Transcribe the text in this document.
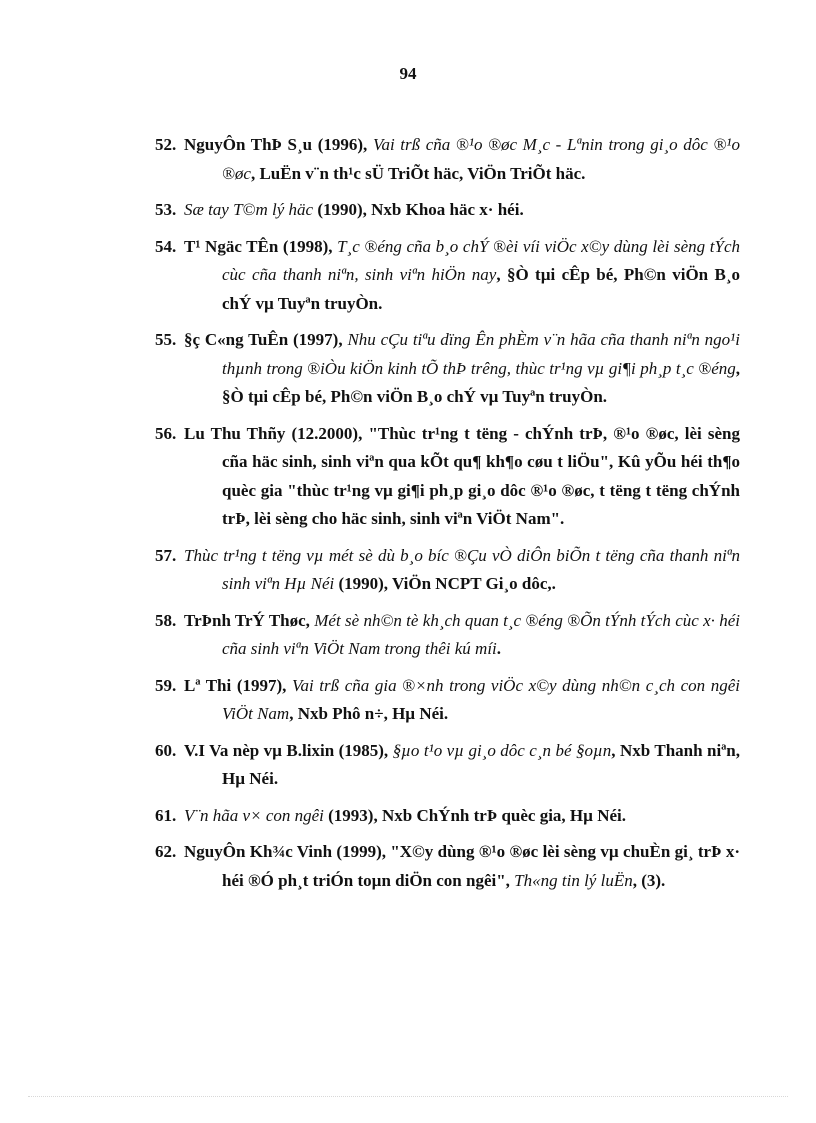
94
52. NguyÔn ThÞ S¸u (1996), Vai trß cña ®¹o ®øc M¸c - Lªnin trong gi¸o dôc ®¹o ®øc, LuËn v¨n th¹c sÜ TriÕt häc, ViÖn TriÕt häc.
53. Sæ tay T©m lý häc (1990), Nxb Khoa häc x· héi.
54. T¹ Ngäc TÊn (1998), T¸c ®éng cña b¸o chÝ ®èi víi viÖc x©y dùng lèi sèng tÝch cùc cña thanh niªn, sinh viªn hiÖn nay, §Ò tµi cÊp bé, Ph©n viÖn B¸o chÝ vµ Tuyªn truyÒn.
55. §ç C«ng TuÊn (1997), Nhu cÇu tiªu dïng Ên phÈm v¨n hãa cña thanh niªn ngo¹i thµnh trong ®iÒu kiÖn kinh tÕ thÞ trêng, thùc tr¹ng vµ gi¶i ph¸p t¸c ®éng, §Ò tµi cÊp bé, Ph©n viÖn B¸o chÝ vµ Tuyªn truyÒn.
56. Lu Thu Thñy (12.2000), "Thùc tr¹ng t tëng - chÝnh trÞ, ®¹o ®øc, lèi sèng cña häc sinh, sinh viªn qua kÕt qu¶ kh¶o cøu t liÖu", Kû yÕu héi th¶o quèc gia "thùc tr¹ng vµ gi¶i ph¸p gi¸o dôc ®¹o ®øc, t tëng t tëng chÝnh trÞ, lèi sèng cho häc sinh, sinh viªn ViÖt Nam".
57. Thùc tr¹ng t tëng vµ mét sè dù b¸o bíc ®Çu vÒ diÔn biÕn t tëng cña thanh niªn sinh viªn Hµ Néi (1990), ViÖn NCPT Gi¸o dôc,.
58. TrÞnh TrÝ Thøc, Mét sè nh©n tè kh¸ch quan t¸c ®éng ®Õn tÝnh tÝch cùc x· héi cña sinh viªn ViÖt Nam trong thêi kú míi.
59. Lª Thi (1997), Vai trß cña gia ®×nh trong viÖc x©y dùng nh©n c¸ch con ngêi ViÖt Nam, Nxb Phô n÷, Hµ Néi.
60. V.I Va nèp vµ B.lixin (1985), §µo t¹o vµ gi¸o dôc c¸n bé §oµn, Nxb Thanh niªn, Hµ Néi.
61. V¨n hãa v× con ngêi (1993), Nxb ChÝnh trÞ quèc gia, Hµ Néi.
62. NguyÔn Kh¾c Vinh (1999), "X©y dùng ®¹o ®øc lèi sèng vµ chuÈn gi¸ trÞ x· héi ®Ó ph¸t triÓn toµn diÖn con ngêi", Th«ng tin lý luËn, (3).
